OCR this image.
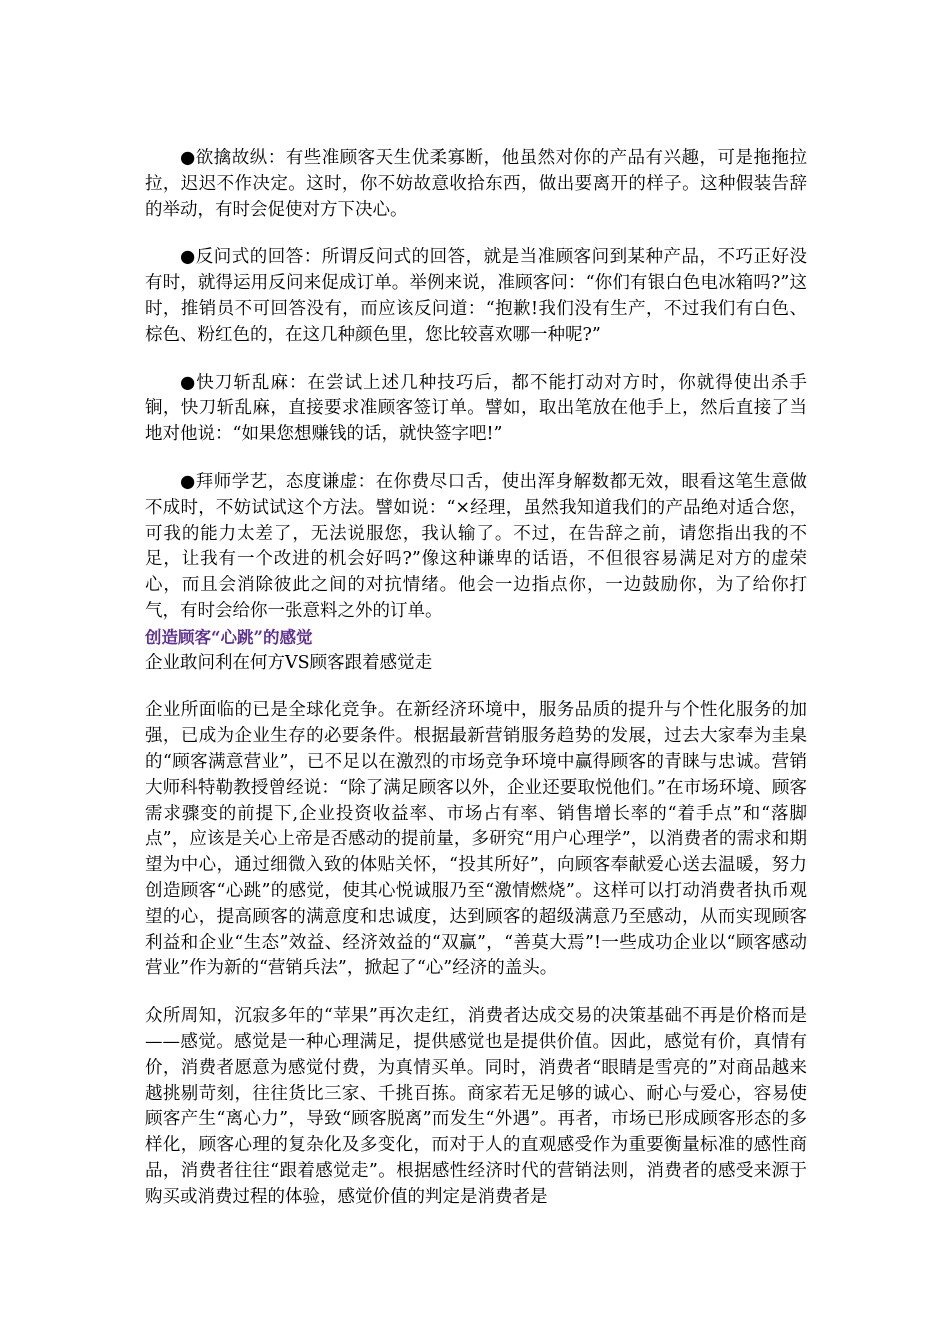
●欲擒故纵：有些准顾客天生优柔寡断，他虽然对你的产品有兴趣，可是拖拖拉拉，迟迟不作决定。这时，你不妨故意收拾东西，做出要离开的样子。这种假装告辞的举动，有时会促使对方下决心。

●反问式的回答：所谓反问式的回答，就是当准顾客问到某种产品，不巧正好没有时，就得运用反问来促成订单。举例来说，准顾客问：“你们有银白色电冰箱吗?”这时，推销员不可回答没有，而应该反问道：“抱歉!我们没有生产，不过我们有白色、棕色、粉红色的，在这几种颜色里，您比较喜欢哪一种呢?”

●快刀斩乱麻：在尝试上述几种技巧后，都不能打动对方时，你就得使出杀手锏，快刀斩乱麻，直接要求准顾客签订单。譬如，取出笔放在他手上，然后直接了当地对他说：“如果您想赚钱的话，就快签字吧!”

●拜师学艺，态度谦虚：在你费尽口舌，使出浑身解数都无效，眼看这笔生意做不成时，不妨试试这个方法。譬如说：“×经理，虽然我知道我们的产品绝对适合您，可我的能力太差了，无法说服您，我认输了。不过，在告辞之前，请您指出我的不足，让我有一个改进的机会好吗?”像这种谦卑的话语，不但很容易满足对方的虚荣心，而且会消除彼此之间的对抗情绪。他会一边指点你，一边鼓励你，为了给你打气，有时会给你一张意料之外的订单。

创造顾客“心跳”的感觉

企业敢问利在何方VS顾客跟着感觉走

企业所面临的已是全球化竞争。在新经济环境中，服务品质的提升与个性化服务的加强，已成为企业生存的必要条件。根据最新营销服务趋势的发展，过去大家奉为圭臬的“顾客满意营业”，已不足以在激烈的市场竞争环境中赢得顾客的青睐与忠诚。营销大师科特勒教授曾经说：“除了满足顾客以外，企业还要取悦他们。”在市场环境、顾客需求骤变的前提下,企业投资收益率、市场占有率、销售增长率的“着手点”和“落脚点”，应该是关心上帝是否感动的提前量，多研究“用户心理学”，以消费者的需求和期望为中心，通过细微入致的体贴关怀，“投其所好”，向顾客奉献爱心送去温暖，努力创造顾客“心跳”的感觉，使其心悦诚服乃至“激情燃烧”。这样可以打动消费者执币观望的心，提高顾客的满意度和忠诚度，达到顾客的超级满意乃至感动，从而实现顾客利益和企业“生态”效益、经济效益的“双赢”，“善莫大焉”!一些成功企业以“顾客感动营业”作为新的“营销兵法”，掀起了“心”经济的盖头。

众所周知，沉寂多年的“苹果”再次走红，消费者达成交易的决策基础不再是价格而是——感觉。感觉是一种心理满足，提供感觉也是提供价值。因此，感觉有价，真情有价，消费者愿意为感觉付费，为真情买单。同时，消费者“眼睛是雪亮的”对商品越来越挑剔苛刻，往往货比三家、千挑百拣。商家若无足够的诚心、耐心与爱心，容易使顾客产生“离心力”，导致“顾客脱离”而发生“外遇”。再者，市场已形成顾客形态的多样化，顾客心理的复杂化及多变化，而对于人的直观感受作为重要衡量标准的感性商品，消费者往往“跟着感觉走”。根据感性经济时代的营销法则，消费者的感受来源于购买或消费过程的体验，感觉价值的判定是消费者是
